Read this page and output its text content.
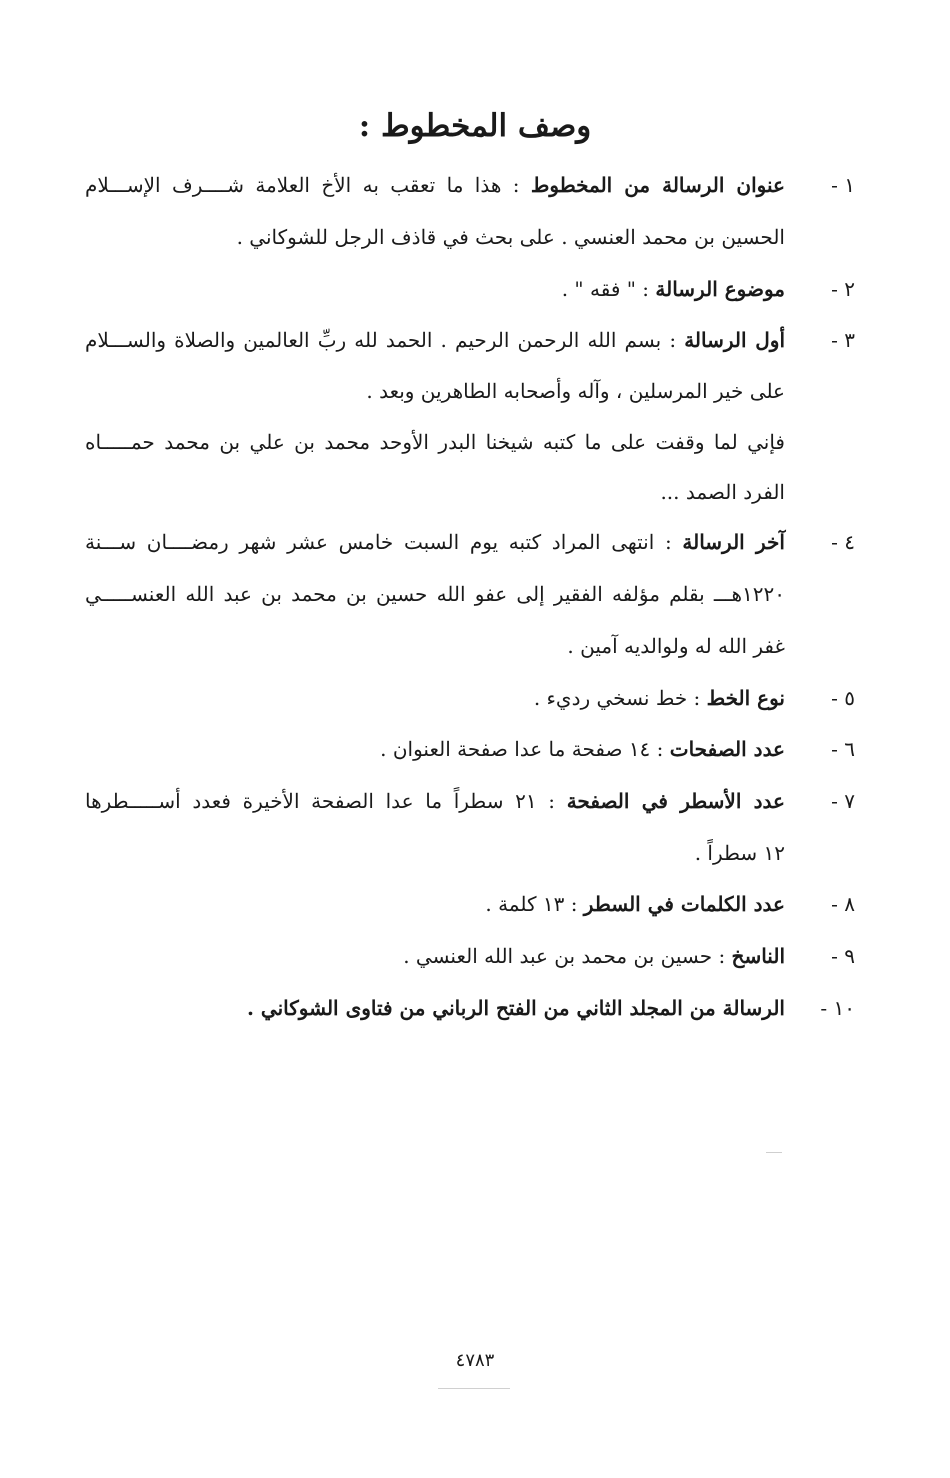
وصف المخطوط :
١ -
عنوان الرسالة من المخطوط : هذا ما تعقب به الأخ العلامة شــــرف الإســـلام
الحسين بن محمد العنسي . على بحث في قاذف الرجل للشوكاني .
٢ -
موضوع الرسالة : " فقه " .
٣ -
أول الرسالة : بسم الله الرحمن الرحيم . الحمد لله ربِّ العالمين والصلاة والســـلام
على خير المرسلين ، وآله وأصحابه الطاهرين وبعد .
فإني لما وقفت على ما كتبه شيخنا البدر الأوحد محمد بن علي بن محمد حمـــــاه
الفرد الصمد ...
٤ -
آخر الرسالة : انتهى المراد كتبه يوم السبت خامس عشر شهر رمضــــان ســـنة
١٢٢٠هـــ بقلم مؤلفه الفقير إلى عفو الله حسين بن محمد بن عبد الله العنســـــي
غفر الله له ولوالديه آمين .
٥ -
نوع الخط : خط نسخي رديء .
٦ -
عدد الصفحات : ١٤ صفحة ما عدا صفحة العنوان .
٧ -
عدد الأسطر في الصفحة : ٢١ سطراً ما عدا الصفحة الأخيرة فعدد أســـــطرها
١٢ سطراً .
٨ -
عدد الكلمات في السطر : ١٣ كلمة .
٩ -
الناسخ : حسين بن محمد بن عبد الله العنسي .
١٠ -
الرسالة من المجلد الثاني من الفتح الرباني من فتاوى الشوكاني .
٤٧٨٣
